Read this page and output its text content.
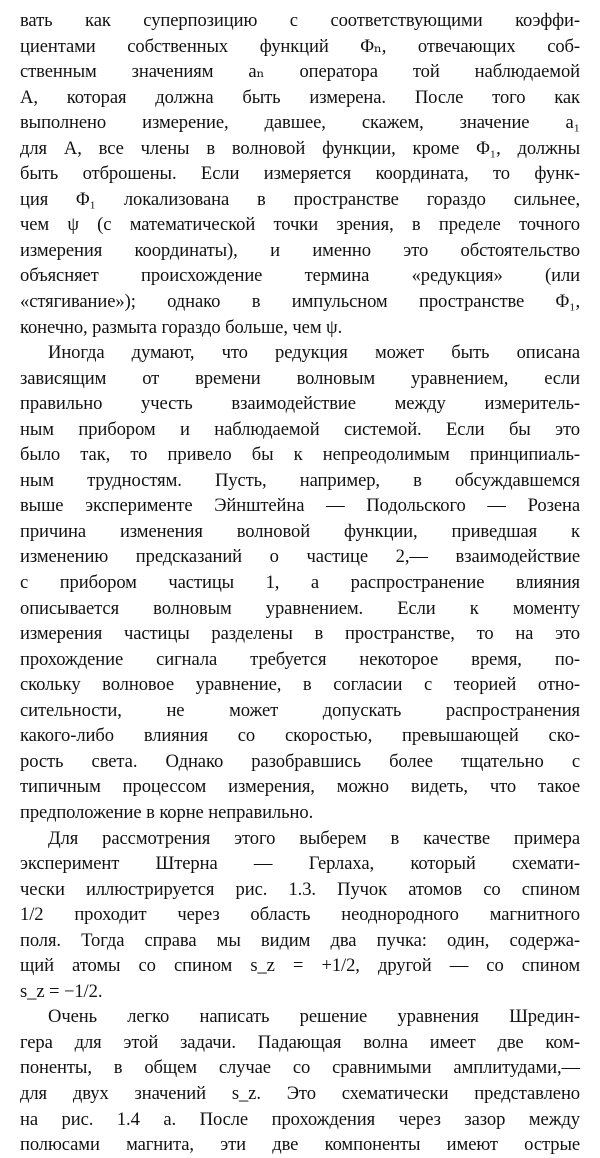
вать как суперпозицию с соответствующими коэффи-
циентами собственных функций Φₙ, отвечающих соб-
ственным значениям aₙ оператора той наблюдаемой
A, которая должна быть измерена. После того как
выполнено измерение, давшее, скажем, значение a₁
для A, все члены в волновой функции, кроме Φ₁, должны
быть отброшены. Если измеряется координата, то функ-
ция Φ₁ локализована в пространстве гораздо сильнее,
чем ψ (с математической точки зрения, в пределе точного
измерения координаты), и именно это обстоятельство
объясняет происхождение термина «редукция» (или
«стягивание»); однако в импульсном пространстве Φ₁,
конечно, размыта гораздо больше, чем ψ.
Иногда думают, что редукция может быть описана
зависящим от времени волновым уравнением, если
правильно учесть взаимодействие между измеритель-
ным прибором и наблюдаемой системой. Если бы это
было так, то привело бы к непреодолимым принципиаль-
ным трудностям. Пусть, например, в обсуждавшемся
выше эксперименте Эйнштейна — Подольского — Розена
причина изменения волновой функции, приведшая к
изменению предсказаний о частице 2,— взаимодействие
с прибором частицы 1, а распространение влияния
описывается волновым уравнением. Если к моменту
измерения частицы разделены в пространстве, то на это
прохождение сигнала требуется некоторое время, по-
скольку волновое уравнение, в согласии с теорией отно-
сительности, не может допускать распространения
какого-либо влияния со скоростью, превышающей ско-
рость света. Однако разобравшись более тщательно с
типичным процессом измерения, можно видеть, что такое
предположение в корне неправильно.
Для рассмотрения этого выберем в качестве примера
эксперимент Штерна — Герлаха, который схемати-
чески иллюстрируется рис. 1.3. Пучок атомов со спином
1/2 проходит через область неоднородного магнитного
поля. Тогда справа мы видим два пучка: один, содержа-
щий атомы со спином s_z = +1/2, другой — со спином
s_z = −1/2.
Очень легко написать решение уравнения Шредин-
гера для этой задачи. Падающая волна имеет две ком-
поненты, в общем случае со сравнимыми амплитудами,—
для двух значений s_z. Это схематически представлено
на рис. 1.4 a. После прохождения через зазор между
полюсами магнита, эти две компоненты имеют острые
